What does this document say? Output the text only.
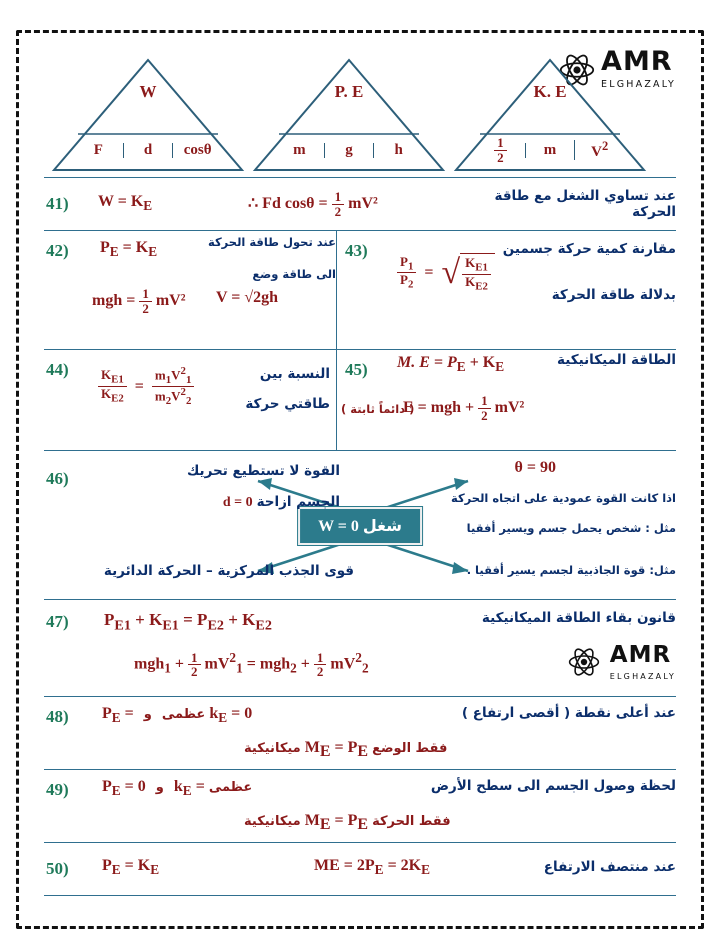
AMR
ELGHAZALY
W
F	d	cosθ
P. E
m	g	h
K. E
$\frac{1}{2}$	m	$V^2$
41) $W = K_E$	∴ Fd $\cos\theta = \frac{1}{2} mV^2$	عند تساوي الشغل مع طاقة الحركة
42) $P_E = K_E$
عند تحول طاقة الحركة
الى طاقة وضع
mgh = $\frac{1}{2} mV^2$ V = √2gh
43)
$\frac{P_1}{P_2}$ = √ $\frac{K_{E1}}{K_{E2}}$
مقارنة كمية حركة جسمين
بدلالة طاقة الحركة
$44) \frac{K_{E1}}{K_{E2}} = \frac{m_1V^2_1}{m_2V^2_2}$	النسبة بين
طاقتي حركة
45) M. $E = P_E + K_E$	الطاقة الميكانيكية
E = mgh + $\frac{1}{2} mV^2$
( دائماً ثابتة )
46)
W = 0 شغل
القوة لا تستطيع تحريك
d = 0 الجسم ازاحة
قوى الجذب المركزية – الحركة الدائرية
θ = 90
اذا كانت القوة عمودية على اتجاه الحركة
مثل : شخص يحمل جسم ويسير أفقيا
مثل: قوة الجاذبية لجسم يسير أفقيا .
47) $P_{E1} + K_{E1} = P_{E2} + K_{E2}$	قانون بقاء الطاقة الميكانيكية
$mgh_1 + \frac{1}{2} mV^2_1 = mgh_2 + \frac{1}{2} mV^2_2$
AMR
ELGHAZALY
48) $P_E$ = عظمى و	$k_E = 0$	عند أعلى نقطة ( أقصى ارتفاع )
ميكانيكية $M_E = P_E$ فقط الوضع
49) $P_E = 0$ و $k_E$ = عظمى	لحظة وصول الجسم الى سطح الأرض
ميكانيكية $M_E = P_E$ فقط الحركة
50) $P_E = K_E$	ME = $2P_E = 2K_E$	عند منتصف الارتفاع
